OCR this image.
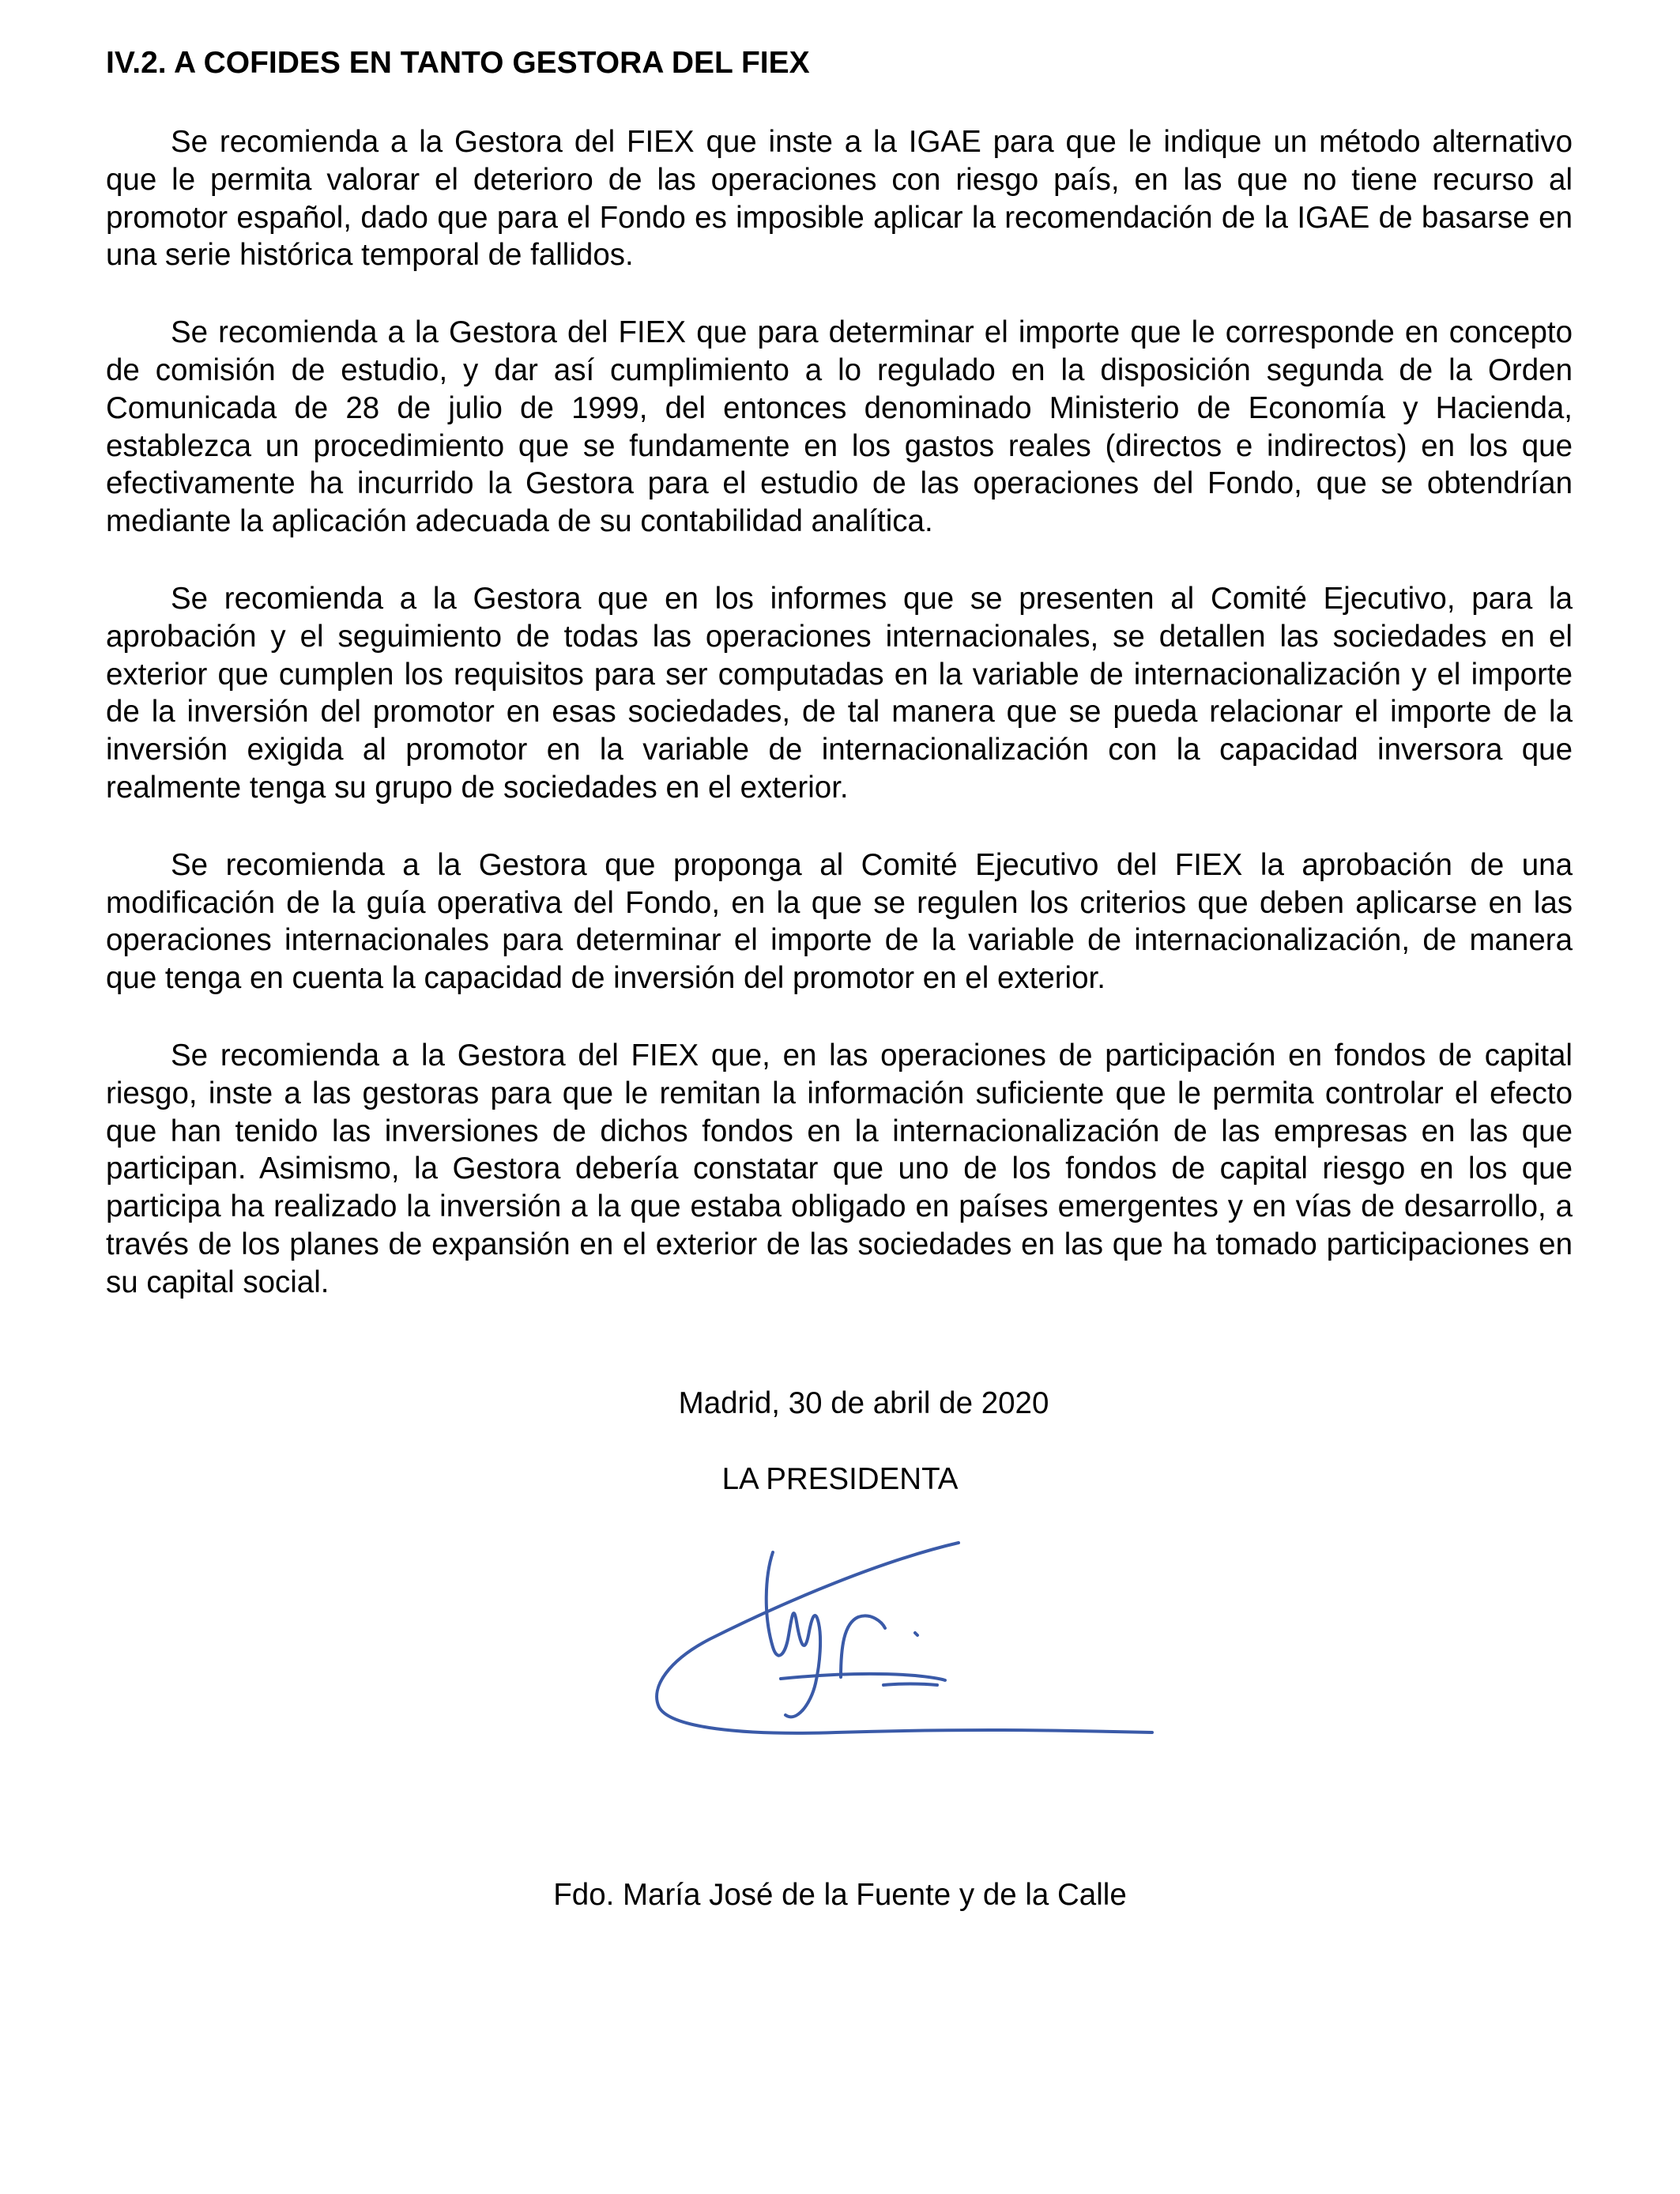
IV.2. A COFIDES EN TANTO GESTORA DEL FIEX

Se recomienda a la Gestora del FIEX que inste a la IGAE para que le indique un método alternativo que le permita valorar el deterioro de las operaciones con riesgo país, en las que no tiene recurso al promotor español, dado que para el Fondo es imposible aplicar la recomendación de la IGAE de basarse en una serie histórica temporal de fallidos.

Se recomienda a la Gestora del FIEX que para determinar el importe que le corresponde en concepto de comisión de estudio, y dar así cumplimiento a lo regulado en la disposición segunda de la Orden Comunicada de 28 de julio de 1999, del entonces denominado Ministerio de Economía y Hacienda, establezca un procedimiento que se fundamente en los gastos reales (directos e indirectos) en los que efectivamente ha incurrido la Gestora para el estudio de las operaciones del Fondo, que se obtendrían mediante la aplicación adecuada de su contabilidad analítica.

Se recomienda a la Gestora que en los informes que se presenten al Comité Ejecutivo, para la aprobación y el seguimiento de todas las operaciones internacionales, se detallen las sociedades en el exterior que cumplen los requisitos para ser computadas en la variable de internacionalización y el importe de la inversión del promotor en esas sociedades, de tal manera que se pueda relacionar el importe de la inversión exigida al promotor en la variable de internacionalización con la capacidad inversora que realmente tenga su grupo de sociedades en el exterior.

Se recomienda a la Gestora que proponga al Comité Ejecutivo del FIEX la aprobación de una modificación de la guía operativa del Fondo, en la que se regulen los criterios que deben aplicarse en las operaciones internacionales para determinar el importe de la variable de internacionalización, de manera que tenga en cuenta la capacidad de inversión del promotor en el exterior.

Se recomienda a la Gestora del FIEX que, en las operaciones de participación en fondos de capital riesgo, inste a las gestoras para que le remitan la información suficiente que le permita controlar el efecto que han tenido las inversiones de dichos fondos en la internacionalización de las empresas en las que participan. Asimismo, la Gestora debería constatar que uno de los fondos de capital riesgo en los que participa ha realizado la inversión a la que estaba obligado en países emergentes y en vías de desarrollo, a través de los planes de expansión en el exterior de las sociedades en las que ha tomado participaciones en su capital social.

Madrid, 30 de abril de 2020
LA PRESIDENTA
Fdo. María José de la Fuente y de la Calle
